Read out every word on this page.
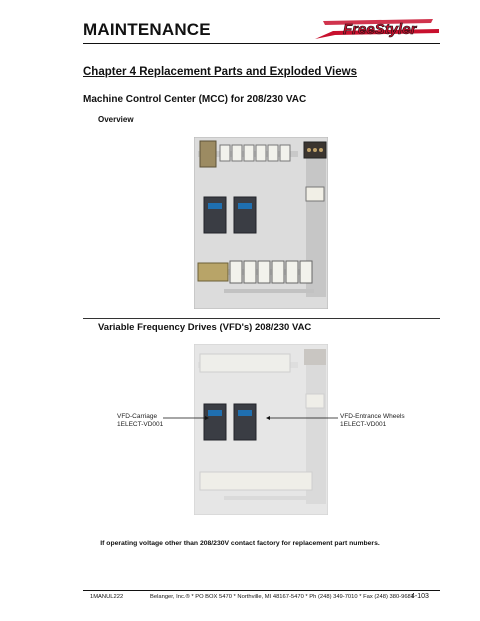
MAINTENANCE	FreeStyler
Chapter 4 Replacement Parts and Exploded Views
Machine Control Center (MCC) for 208/230 VAC
Overview
Variable Frequency Drives (VFD's) 208/230 VAC
VFD-Carriage
1ELECT-VD001
VFD-Entrance Wheels
1ELECT-VD001
If operating voltage other than 208/230V contact factory for replacement part numbers.
1MANUL222	Belanger, Inc.® * PO BOX 5470 * Northville, MI 48167-5470 * Ph (248) 349-7010 * Fax (248) 380-9681
4-103
